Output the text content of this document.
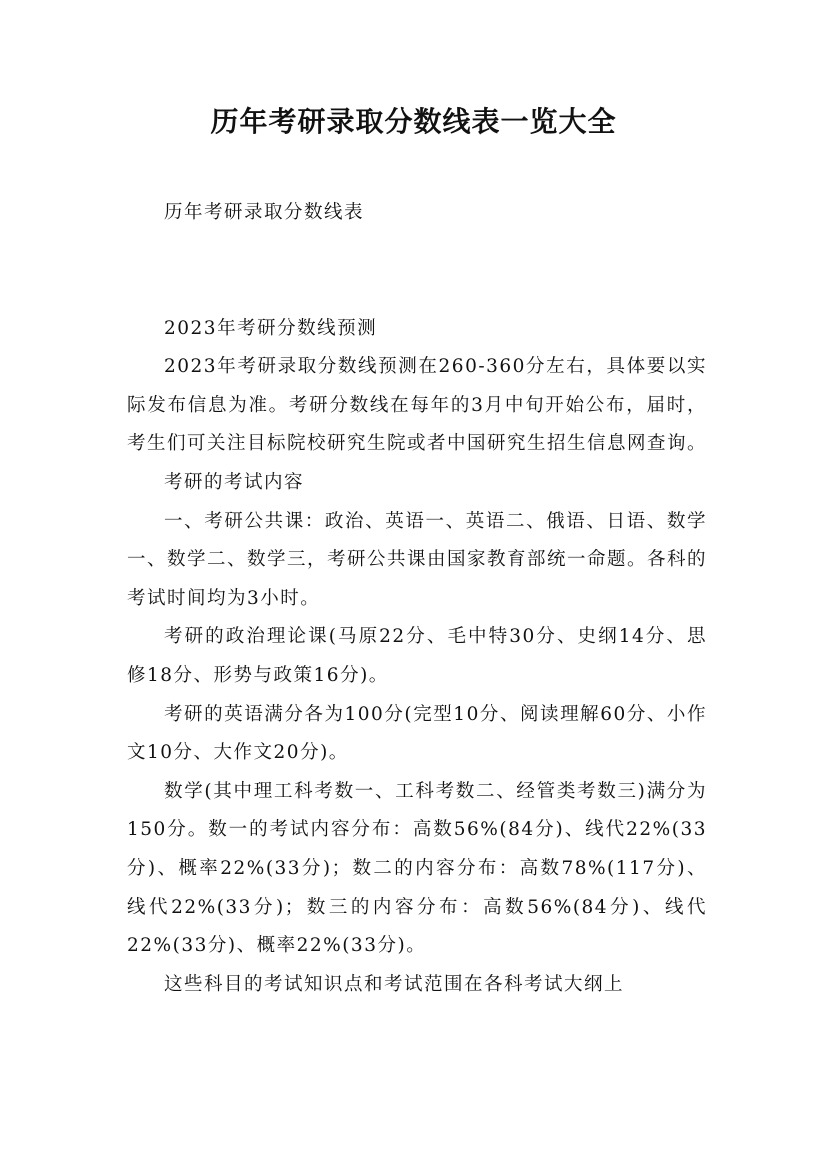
历年考研录取分数线表一览大全

历年考研录取分数线表

2023年考研分数线预测

2023年考研录取分数线预测在260-360分左右，具体要以实际发布信息为准。考研分数线在每年的3月中旬开始公布，届时，考生们可关注目标院校研究生院或者中国研究生招生信息网查询。

考研的考试内容

一、考研公共课：政治、英语一、英语二、俄语、日语、数学一、数学二、数学三，考研公共课由国家教育部统一命题。各科的考试时间均为3小时。

考研的政治理论课(马原22分、毛中特30分、史纲14分、思修18分、形势与政策16分)。

考研的英语满分各为100分(完型10分、阅读理解60分、小作文10分、大作文20分)。

数学(其中理工科考数一、工科考数二、经管类考数三)满分为150分。数一的考试内容分布：高数56%(84分)、线代22%(33分)、概率22%(33分)；数二的内容分布：高数78%(117分)、线代22%(33分)；数三的内容分布：高数56%(84分)、线代22%(33分)、概率22%(33分)。

这些科目的考试知识点和考试范围在各科考试大纲上
